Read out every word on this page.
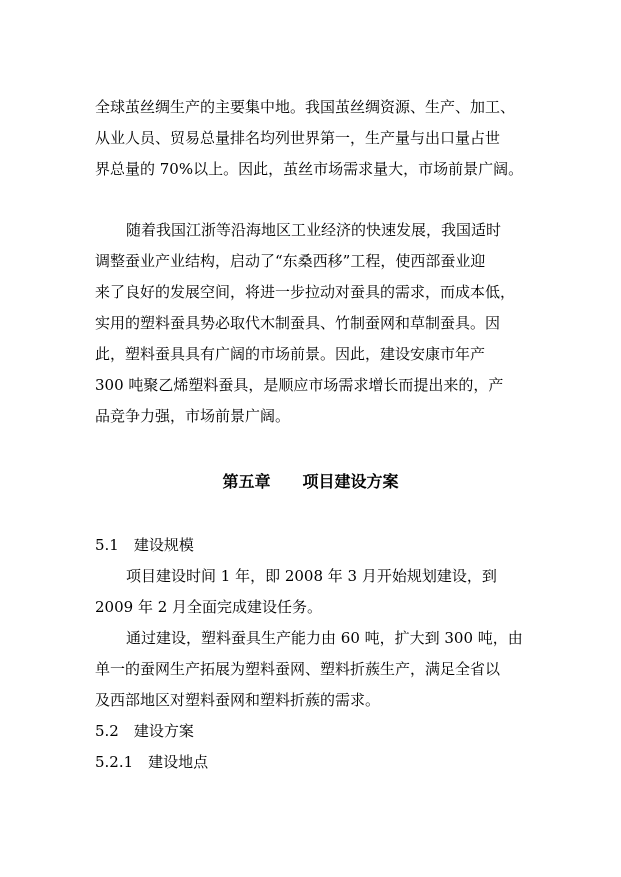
全球茧丝绸生产的主要集中地。我国茧丝绸资源、生产、加工、

从业人员、贸易总量排名均列世界第一，生产量与出口量占世

界总量的 70%以上。因此，茧丝市场需求量大，市场前景广阔。

随着我国江浙等沿海地区工业经济的快速发展，我国适时

调整蚕业产业结构，启动了“东桑西移”工程，使西部蚕业迎

来了良好的发展空间，将进一步拉动对蚕具的需求，而成本低，

实用的塑料蚕具势必取代木制蚕具、竹制蚕网和草制蚕具。因

此，塑料蚕具具有广阔的市场前景。因此，建设安康市年产

300 吨聚乙烯塑料蚕具，是顺应市场需求增长而提出来的，产

品竞争力强，市场前景广阔。

第五章　　项目建设方案

5.1　建设规模

项目建设时间 1 年，即 2008 年 3 月开始规划建设，到

2009 年 2 月全面完成建设任务。

通过建设，塑料蚕具生产能力由 60 吨，扩大到 300 吨，由

单一的蚕网生产拓展为塑料蚕网、塑料折蔟生产，满足全省以

及西部地区对塑料蚕网和塑料折蔟的需求。

5.2　建设方案

5.2.1　建设地点
